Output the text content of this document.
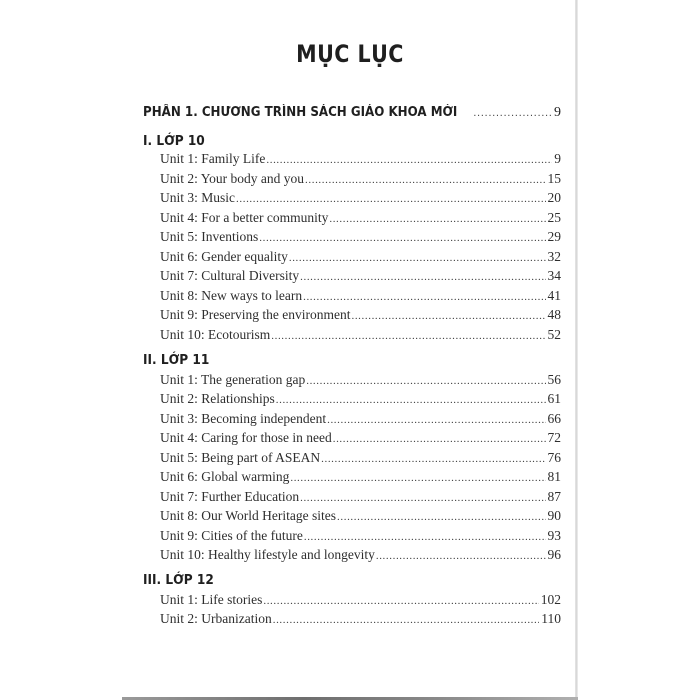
MỤC LỤC
PHẦN 1. CHƯƠNG TRÌNH SÁCH GIÁO KHOA MỚI .....	9
I. LỚP 10
Unit 1: Family Life .....	9
Unit 2: Your body and you .....	15
Unit 3: Music .....	20
Unit 4: For a better community .....	25
Unit 5: Inventions .....	29
Unit 6: Gender equality .....	32
Unit 7: Cultural Diversity .....	34
Unit 8: New ways to learn .....	41
Unit 9: Preserving the environment .....	48
Unit 10: Ecotourism .....	52
II. LỚP 11
Unit 1: The generation gap .....	56
Unit 2: Relationships .....	61
Unit 3: Becoming independent .....	66
Unit 4: Caring for those in need .....	72
Unit 5: Being part of ASEAN .....	76
Unit 6: Global warming .....	81
Unit 7: Further Education .....	87
Unit 8: Our World Heritage sites .....	90
Unit 9: Cities of the future .....	93
Unit 10: Healthy lifestyle and longevity .....	96
III. LỚP 12
Unit 1: Life stories .....	102
Unit 2: Urbanization .....	110
